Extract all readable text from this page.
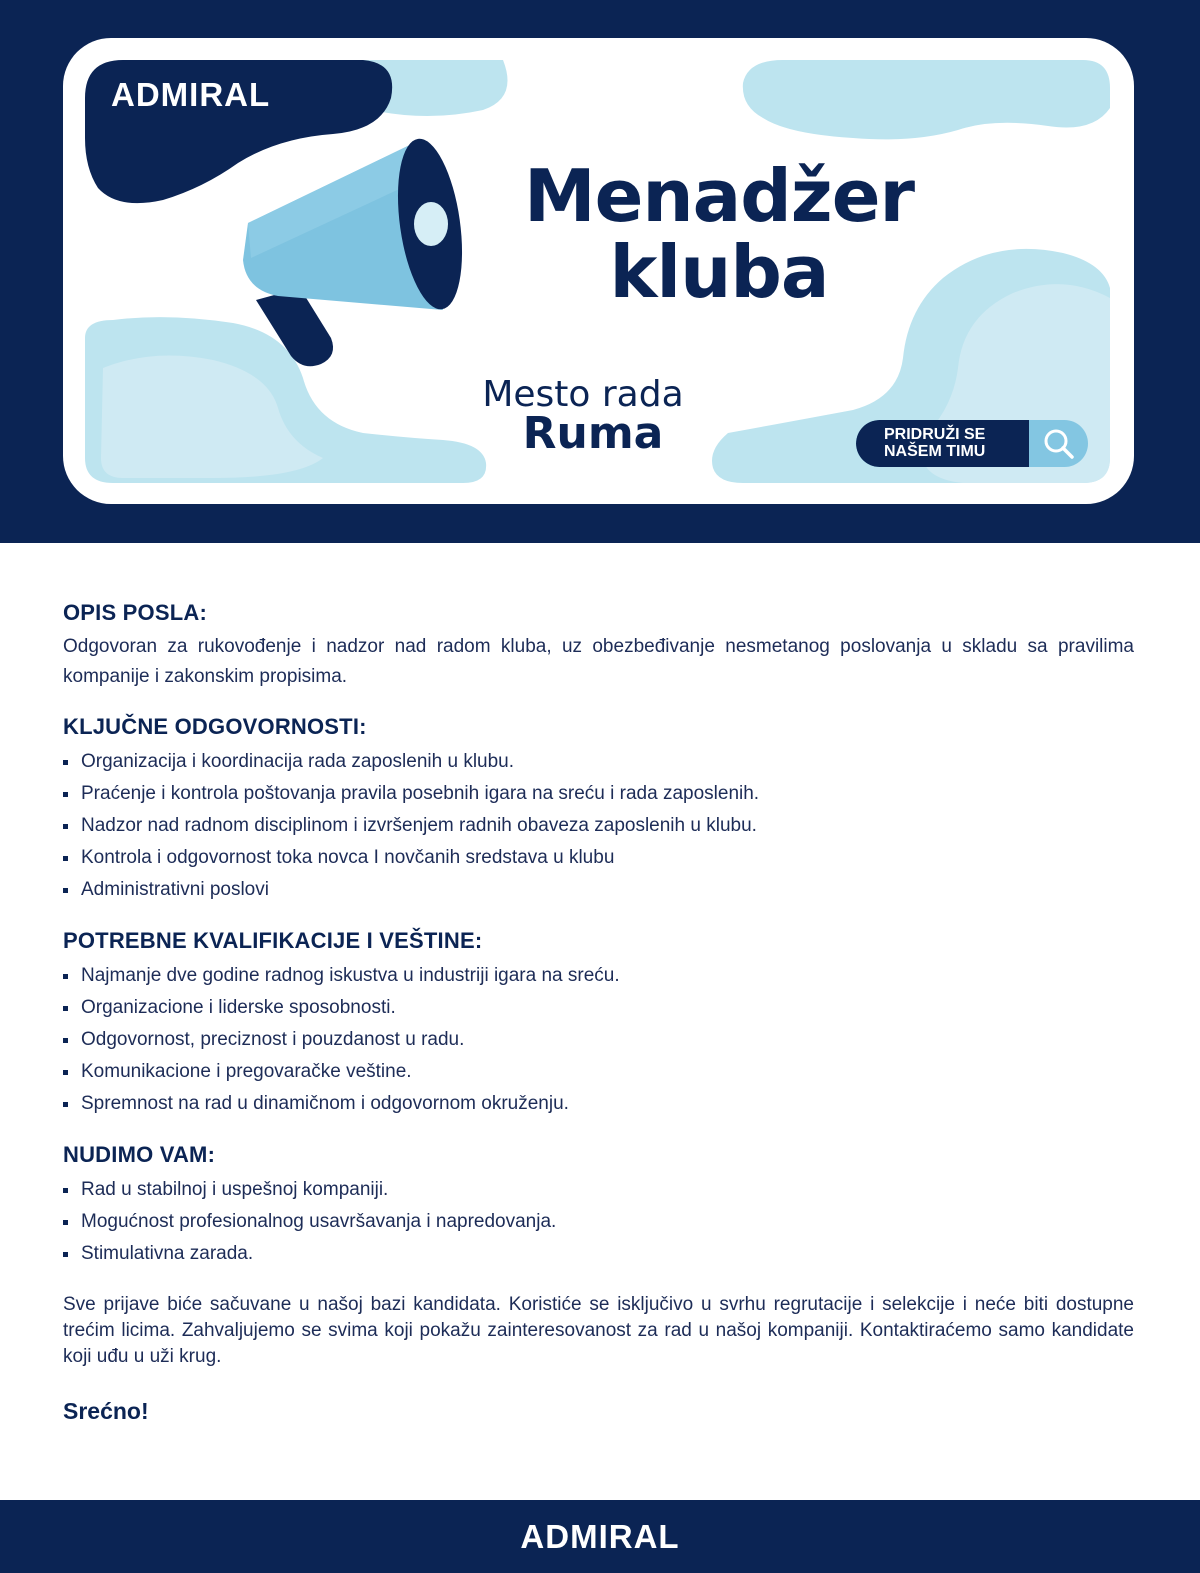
ADMIRAL
Menadžer
kluba
Mesto rada
Ruma	PRIDRUŽI SE
NAŠEM TIMU
OPIS POSLA:

Odgovoran za rukovođenje i nadzor nad radom kluba, uz obezbeđivanje nesmetanog poslovanja u skladu sa pravilima kompanije i zakonskim propisima.

KLJUČNE ODGOVORNOSTI:
Organizacija i koordinacija rada zaposlenih u klubu.
Praćenje i kontrola poštovanja pravila posebnih igara na sreću i rada zaposlenih.
Nadzor nad radnom disciplinom i izvršenjem radnih obaveza zaposlenih u klubu.
Kontrola i odgovornost toka novca I novčanih sredstava u klubu
Administrativni poslovi
POTREBNE KVALIFIKACIJE I VEŠTINE:
Najmanje dve godine radnog iskustva u industriji igara na sreću.
Organizacione i liderske sposobnosti.
Odgovornost, preciznost i pouzdanost u radu.
Komunikacione i pregovaračke veštine.
Spremnost na rad u dinamičnom i odgovornom okruženju.
NUDIMO VAM:
Rad u stabilnoj i uspešnoj kompaniji.
Mogućnost profesionalnog usavršavanja i napredovanja.
Stimulativna zarada.

Sve prijave biće sačuvane u našoj bazi kandidata. Koristiće se isključivo u svrhu regrutacije i selekcije i neće biti dostupne trećim licima. Zahvaljujemo se svima koji pokažu zainteresovanost za rad u našoj kompaniji. Kontaktiraćemo samo kandidate koji uđu u uži krug.

Srećno!
ADMIRAL
